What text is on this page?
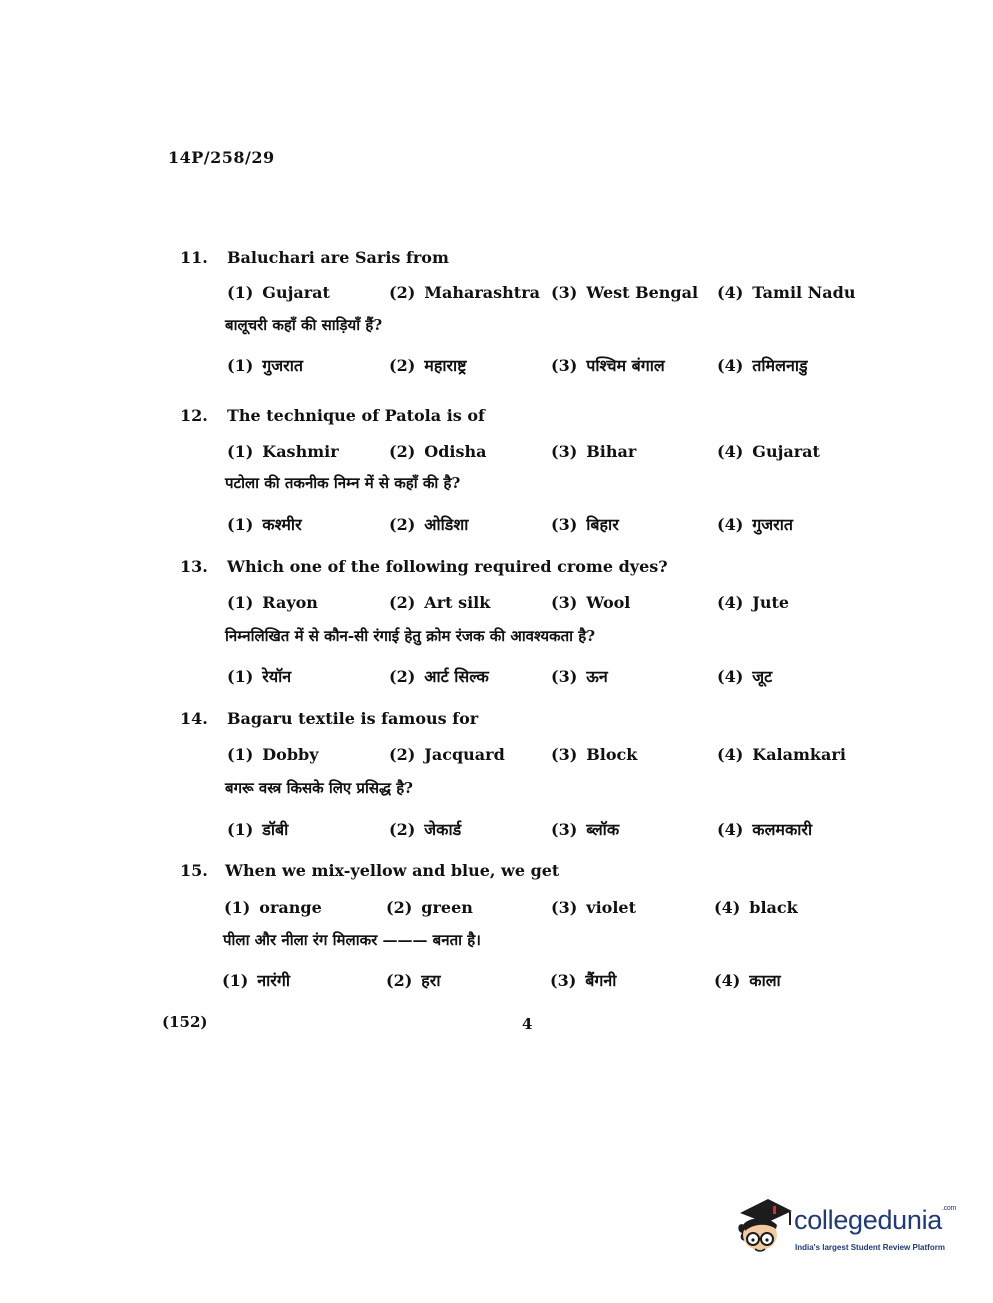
14P/258/29
11. Baluchari are Saris from
(1) Gujarat	(2) Maharashtra (3) West Bengal (4) Tamil Nadu
बालूचरी कहाँ की साड़ियाँ हैं?
(1) गुजरात	(2) महाराष्ट्र	(3) पश्चिम बंगाल	(4) तमिलनाडु
12. The technique of Patola is of
(1) Kashmir	(2) Odisha	(3) Bihar	(4) Gujarat
पटोला की तकनीक निम्न में से कहाँ की है?
(1) कश्मीर	(2) ओडिशा	(3) बिहार	(4) गुजरात
13. Which one of the following required crome dyes?
(1) Rayon	(2) Art silk	(3) Wool	(4) Jute
निम्नलिखित में से कौन-सी रंगाई हेतु क्रोम रंजक की आवश्यकता है?
(1) रेयॉन	(2) आर्ट सिल्क	(3) ऊन	(4) जूट
14. Bagaru textile is famous for
(1) Dobby	(2) Jacquard	(3) Block	(4) Kalamkari
बगरू वस्त्र किसके लिए प्रसिद्ध है?
(1) डॉबी	(2) जेकार्ड	(3) ब्लॉक	(4) कलमकारी
15. When we mix-yellow and blue, we get
(1) orange	(2) green	(3) violet	(4) black
पीला और नीला रंग मिलाकर ——— बनता है।
(1) नारंगी	(2) हरा	(3) बैंगनी	(4) काला
(152)	4
collegedunia$^{.com}$
India's largest Student Review Platform
